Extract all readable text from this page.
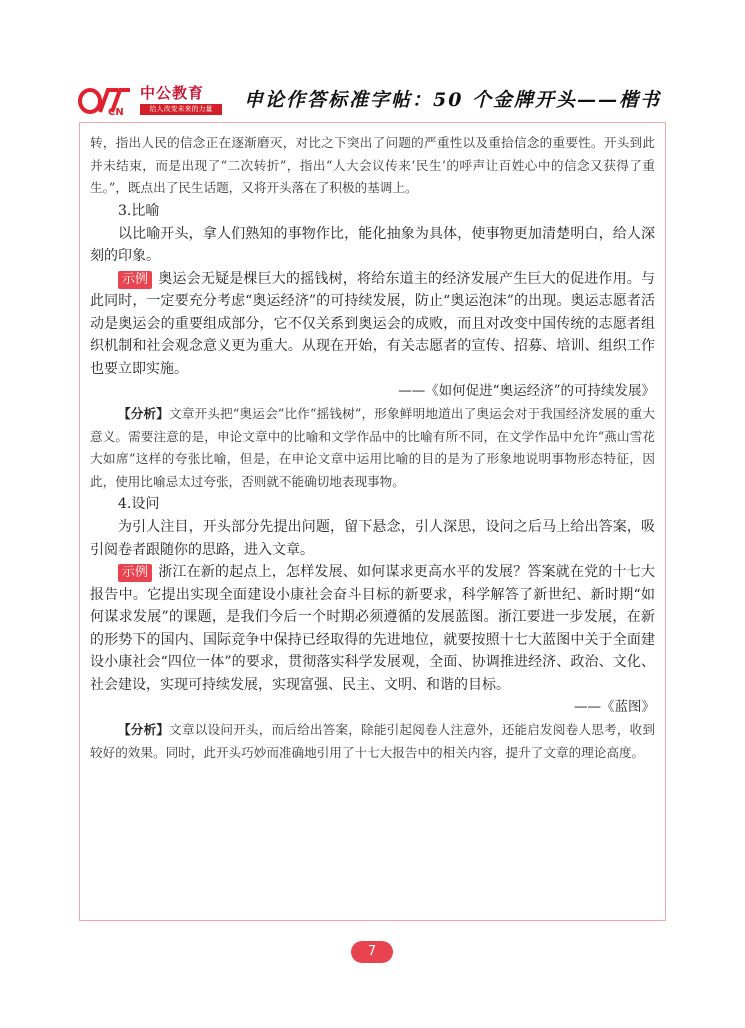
CN
中公教育
给人改变未来的力量	申论作答标准字帖：50 个金牌开头——楷书

转，指出人民的信念正在逐渐磨灭，对比之下突出了问题的严重性以及重拾信念的重要性。开头到此并未结束，而是出现了“二次转折”，指出“人大会议传来‘民生’的呼声让百姓心中的信念又获得了重生。”，既点出了民生话题，又将开头落在了积极的基调上。

3.比喻

以比喻开头，拿人们熟知的事物作比，能化抽象为具体，使事物更加清楚明白，给人深刻的印象。

示例 奥运会无疑是棵巨大的摇钱树，将给东道主的经济发展产生巨大的促进作用。与此同时，一定要充分考虑“奥运经济”的可持续发展，防止“奥运泡沫”的出现。奥运志愿者活动是奥运会的重要组成部分，它不仅关系到奥运会的成败，而且对改变中国传统的志愿者组织机制和社会观念意义更为重大。从现在开始，有关志愿者的宣传、招募、培训、组织工作也要立即实施。

——《如何促进“奥运经济”的可持续发展》

【分析】文章开头把“奥运会”比作“摇钱树”，形象鲜明地道出了奥运会对于我国经济发展的重大意义。需要注意的是，申论文章中的比喻和文学作品中的比喻有所不同，在文学作品中允许“燕山雪花大如席”这样的夸张比喻，但是，在申论文章中运用比喻的目的是为了形象地说明事物形态特征，因此，使用比喻忌太过夸张，否则就不能确切地表现事物。

4.设问

为引人注目，开头部分先提出问题，留下悬念，引人深思，设问之后马上给出答案，吸引阅卷者跟随你的思路，进入文章。

示例 浙江在新的起点上，怎样发展、如何谋求更高水平的发展？答案就在党的十七大报告中。它提出实现全面建设小康社会奋斗目标的新要求，科学解答了新世纪、新时期“如何谋求发展”的课题，是我们今后一个时期必须遵循的发展蓝图。浙江要进一步发展，在新的形势下的国内、国际竞争中保持已经取得的先进地位，就要按照十七大蓝图中关于全面建设小康社会“四位一体”的要求，贯彻落实科学发展观，全面、协调推进经济、政治、文化、社会建设，实现可持续发展，实现富强、民主、文明、和谐的目标。

——《蓝图》

【分析】文章以设问开头，而后给出答案，除能引起阅卷人注意外，还能启发阅卷人思考，收到较好的效果。同时，此开头巧妙而准确地引用了十七大报告中的相关内容，提升了文章的理论高度。

7
